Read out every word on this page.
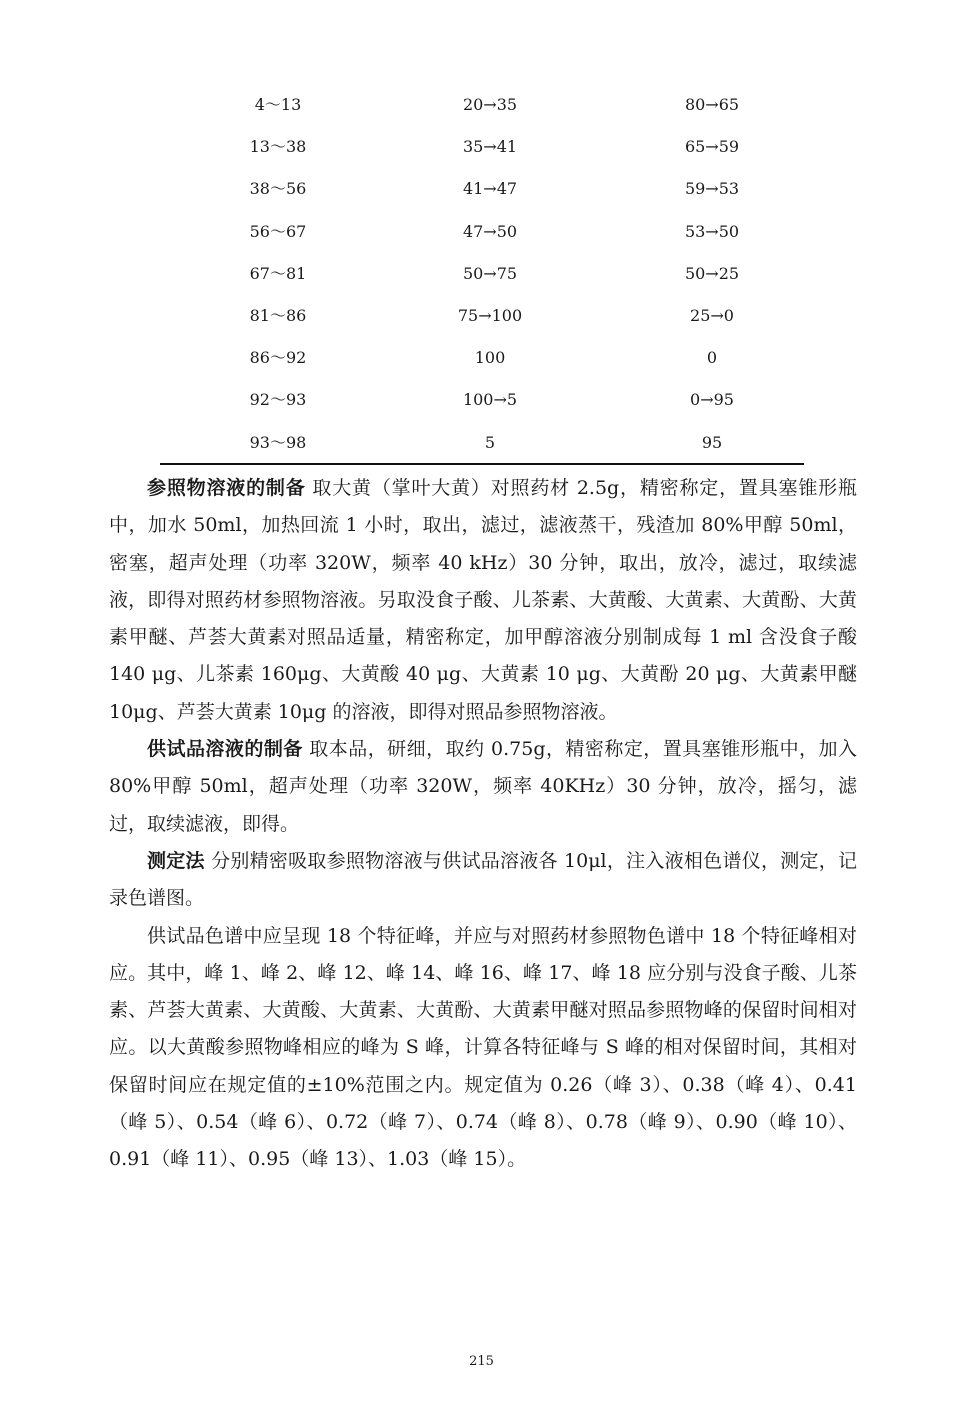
4～13	20→35	80→65
13～38	35→41	65→59
38～56	41→47	59→53
56～67	47→50	53→50
67～81	50→75	50→25
81～86	75→100	25→0
86～92	100	0
92～93	100→5	0→95
93～98	5	95

参照物溶液的制备 取大黄（掌叶大黄）对照药材 2.5g，精密称定，置具塞锥形瓶中，加水 50ml，加热回流 1 小时，取出，滤过，滤液蒸干，残渣加 80%甲醇 50ml，密塞，超声处理（功率 320W，频率 40 kHz）30 分钟，取出，放冷，滤过，取续滤液，即得对照药材参照物溶液。另取没食子酸、儿茶素、大黄酸、大黄素、大黄酚、大黄素甲醚、芦荟大黄素对照品适量，精密称定，加甲醇溶液分别制成每 1 ml 含没食子酸 140 μg、儿茶素 160μg、大黄酸 40 μg、大黄素 10 μg、大黄酚 20 μg、大黄素甲醚 10μg、芦荟大黄素 10μg 的溶液，即得对照品参照物溶液。

供试品溶液的制备 取本品，研细，取约 0.75g，精密称定，置具塞锥形瓶中，加入 80%甲醇 50ml，超声处理（功率 320W，频率 40KHz）30 分钟，放冷，摇匀，滤过，取续滤液，即得。

测定法 分别精密吸取参照物溶液与供试品溶液各 10μl，注入液相色谱仪，测定，记录色谱图。

供试品色谱中应呈现 18 个特征峰，并应与对照药材参照物色谱中 18 个特征峰相对应。其中，峰 1、峰 2、峰 12、峰 14、峰 16、峰 17、峰 18 应分别与没食子酸、儿茶素、芦荟大黄素、大黄酸、大黄素、大黄酚、大黄素甲醚对照品参照物峰的保留时间相对应。以大黄酸参照物峰相应的峰为 S 峰，计算各特征峰与 S 峰的相对保留时间，其相对保留时间应在规定值的±10%范围之内。规定值为 0.26（峰 3）、0.38（峰 4）、0.41（峰 5）、0.54（峰 6）、0.72（峰 7）、0.74（峰 8）、0.78（峰 9）、0.90（峰 10）、0.91（峰 11）、0.95（峰 13）、1.03（峰 15）。

215
